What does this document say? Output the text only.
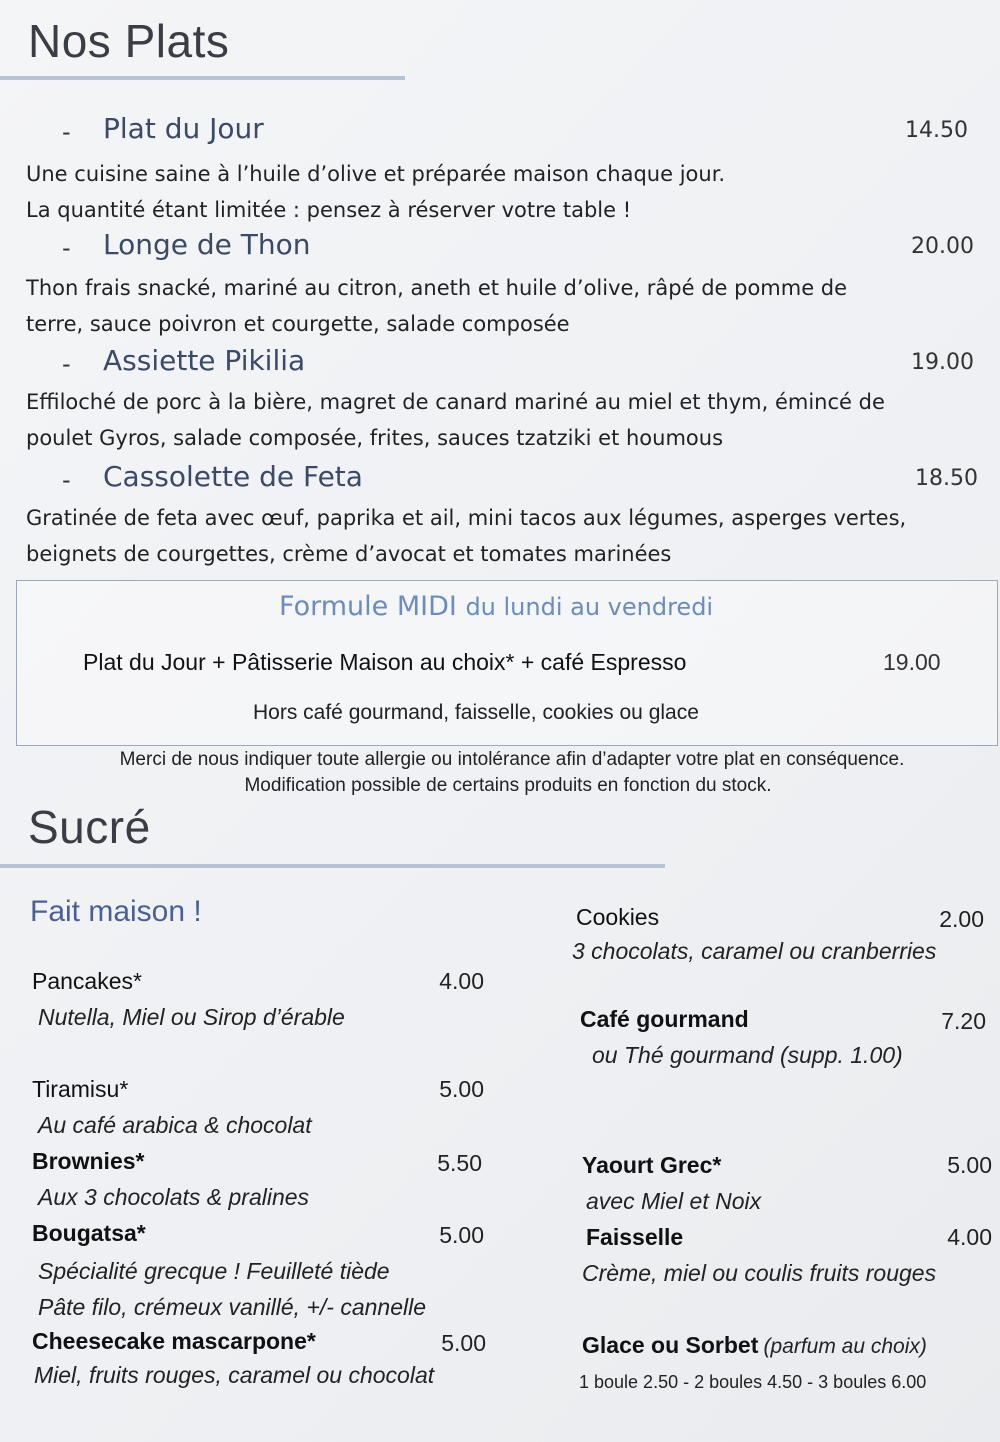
Nos Plats
- Plat du Jour	14.50
Une cuisine saine à l’huile d’olive et préparée maison chaque jour.
La quantité étant limitée : pensez à réserver votre table !
- Longe de Thon	20.00
Thon frais snacké, mariné au citron, aneth et huile d’olive, râpé de pomme de
terre, sauce poivron et courgette, salade composée
- Assiette Pikilia	19.00
Effiloché de porc à la bière, magret de canard mariné au miel et thym, émincé de
poulet Gyros, salade composée, frites, sauces tzatziki et houmous
- Cassolette de Feta	18.50
Gratinée de feta avec œuf, paprika et ail, mini tacos aux légumes, asperges vertes,
beignets de courgettes, crème d’avocat et tomates marinées
Formule MIDI du lundi au vendredi
Plat du Jour + Pâtisserie Maison au choix* + café Espresso	19.00
Hors café gourmand, faisselle, cookies ou glace
Merci de nous indiquer toute allergie ou intolérance afin d’adapter votre plat en conséquence.
Modification possible de certains produits en fonction du stock.
Sucré
Fait maison !
Pancakes*	4.00
Nutella, Miel ou Sirop d’érable
Tiramisu*	5.00
Au café arabica & chocolat
Brownies*	5.50
Aux 3 chocolats & pralines
Bougatsa*	5.00
Spécialité grecque ! Feuilleté tiède
Pâte filo, crémeux vanillé, +/- cannelle
Cheesecake mascarpone*	5.00
Miel, fruits rouges, caramel ou chocolat
Cookies	2.00
3 chocolats, caramel ou cranberries
Café gourmand	7.20
ou Thé gourmand (supp. 1.00)
Yaourt Grec*	5.00
avec Miel et Noix
Faisselle	4.00
Crème, miel ou coulis fruits rouges
Glace ou Sorbet (parfum au choix)
1 boule 2.50 - 2 boules 4.50 - 3 boules 6.00
